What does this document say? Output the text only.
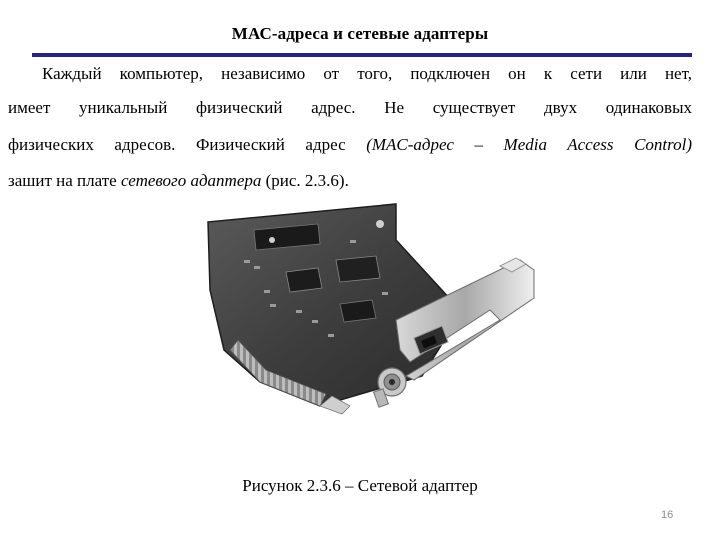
МАС-адреса и сетевые адаптеры
Каждый компьютер, независимо от того, подключен он к сети или нет,
имеет уникальный физический адрес. Не существует двух одинаковых
физических адресов. Физический адрес (MAC-адрес – Media Access Control)
зашит на плате сетевого адаптера (рис. 2.3.6).
Рисунок 2.3.6 – Сетевой адаптер
16
